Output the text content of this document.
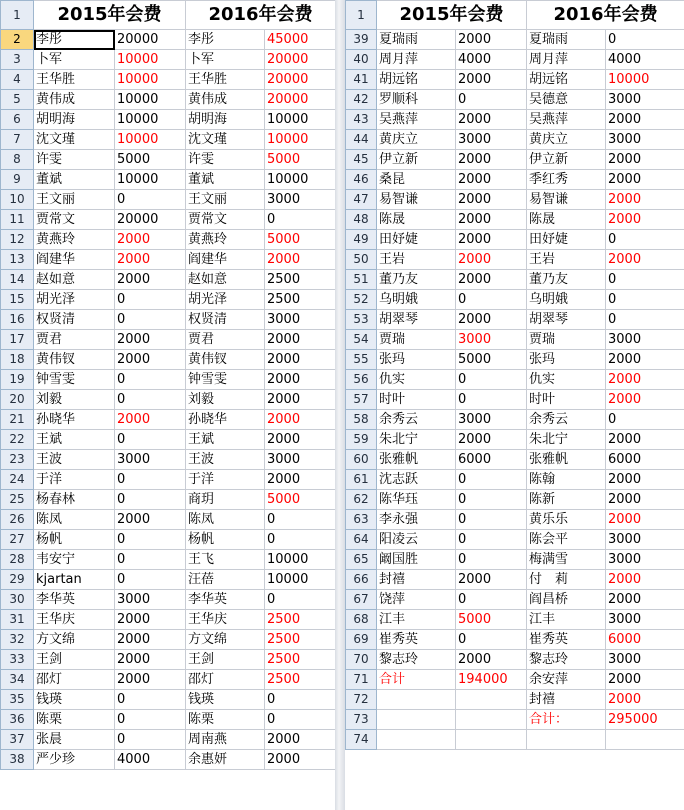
1	2015年会费		2016年会费	
2	李彤	20000	李彤	45000
3	卜军	10000	卜军	20000
4	王华胜	10000	王华胜	20000
5	黄伟成	10000	黄伟成	20000
6	胡明海	10000	胡明海	10000
7	沈文瑾	10000	沈文瑾	10000
8	许雯	5000	许雯	5000
9	董斌	10000	董斌	10000
10	王文丽	0	王文丽	3000
11	贾常文	20000	贾常文	0
12	黄燕玲	2000	黄燕玲	5000
13	阎建华	2000	阎建华	2000
14	赵如意	2000	赵如意	2500
15	胡光泽	0	胡光泽	2500
16	权贤清	0	权贤清	3000
17	贾君	2000	贾君	2000
18	黄伟钗	2000	黄伟钗	2000
19	钟雪雯	0	钟雪雯	2000
20	刘毅	0	刘毅	2000
21	孙晓华	2000	孙晓华	2000
22	王斌	0	王斌	2000
23	王波	3000	王波	3000
24	于洋	0	于洋	2000
25	杨春林	0	商玥	5000
26	陈凤	2000	陈凤	0
27	杨帆	0	杨帆	0
28	韦安宁	0	王飞	10000
29	kjartan	0	汪蓓	10000
30	李华英	3000	李华英	0
31	王华庆	2000	王华庆	2500
32	方文绵	2000	方文绵	2500
33	王剑	2000	王剑	2500
34	邵灯	2000	邵灯	2500
35	钱瑛	0	钱瑛	0
36	陈栗	0	陈栗	0
37	张晨	0	周南燕	2000
38	严少珍	4000	余惠妍	2000
1	2015年会费		2016年会费	
39	夏瑞雨	2000	夏瑞雨	0
40	周月萍	4000	周月萍	4000
41	胡远铭	2000	胡远铭	10000
42	罗顺科	0	吴德意	3000
43	吴燕萍	2000	吴燕萍	2000
44	黄庆立	3000	黄庆立	3000
45	伊立新	2000	伊立新	2000
46	桑昆	2000	季红秀	2000
47	易智谦	2000	易智谦	2000
48	陈晟	2000	陈晟	2000
49	田妤婕	2000	田妤婕	0
50	王岩	2000	王岩	2000
51	董乃友	2000	董乃友	0
52	乌明娥	0	乌明娥	0
53	胡翠琴	2000	胡翠琴	0
54	贾瑞	3000	贾瑞	3000
55	张玛	5000	张玛	2000
56	仇实	0	仇实	2000
57	时叶	0	时叶	2000
58	余秀云	3000	余秀云	0
59	朱北宁	2000	朱北宁	2000
60	张雅帆	6000	张雅帆	6000
61	沈志跃	0	陈翰	2000
62	陈华珏	0	陈新	2000
63	李永强	0	黄乐乐	2000
64	阳凌云	0	陈会平	3000
65	阚国胜	0	梅满雪	3000
66	封禧	2000	付　莉	2000
67	饶萍	0	阎昌桥	2000
68	江丰	5000	江丰	3000
69	崔秀英	0	崔秀英	6000
70	黎志玲	2000	黎志玲	3000
71	合计	194000	余安萍	2000
72			封禧	2000
73			合计：	295000
74				
